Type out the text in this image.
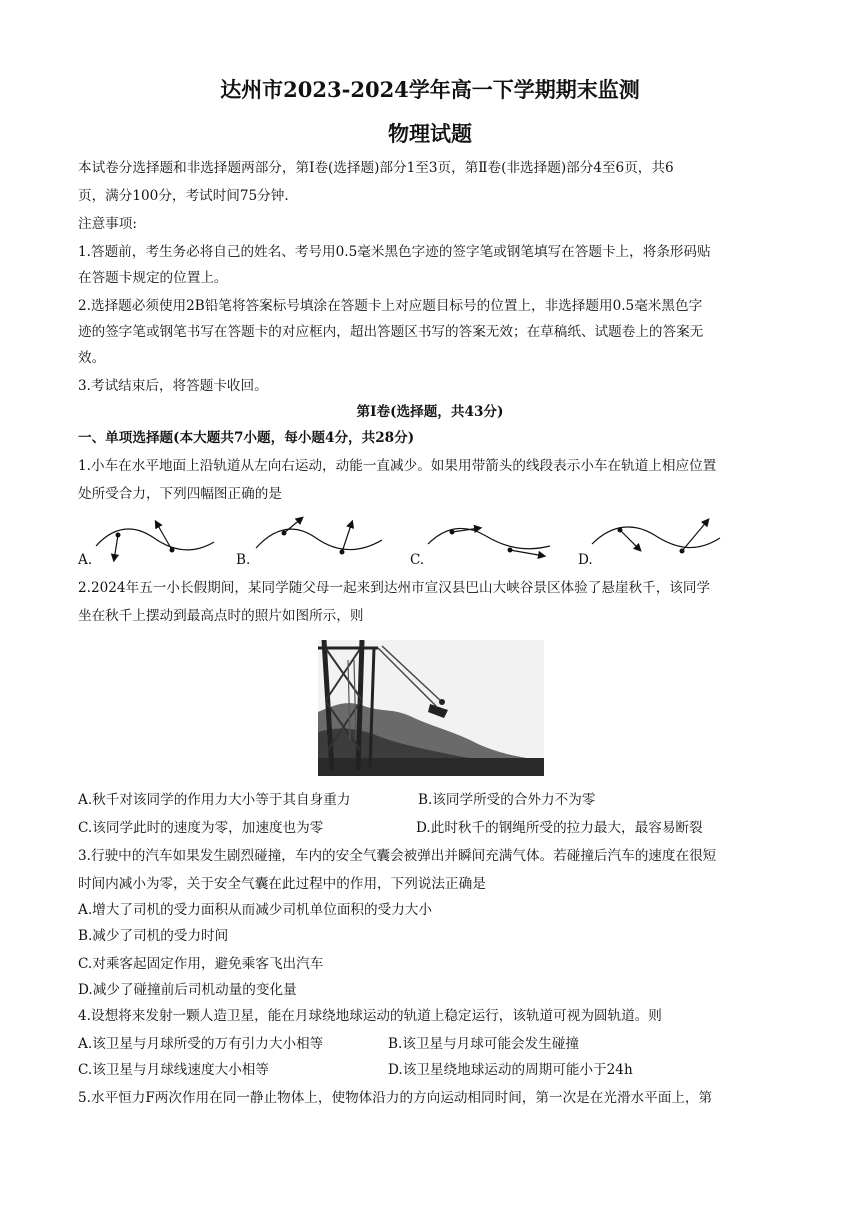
达州市2023-2024学年高一下学期期末监测
物理试题
本试卷分选择题和非选择题两部分，第Ⅰ卷(选择题)部分1至3页，第Ⅱ卷(非选择题)部分4至6页，共6
页，满分100分，考试时间75分钟.
注意事项:
1.答题前，考生务必将自己的姓名、考号用0.5毫米黑色字迹的签字笔或钢笔填写在答题卡上，将条形码贴
在答题卡规定的位置上。
2.选择题必须使用2B铅笔将答案标号填涂在答题卡上对应题目标号的位置上，非选择题用0.5毫米黑色字
迹的签字笔或钢笔书写在答题卡的对应框内，超出答题区书写的答案无效；在草稿纸、试题卷上的答案无
效。
3.考试结束后，将答题卡收回。
第Ⅰ卷(选择题，共43分)
一、单项选择题(本大题共7小题，每小题4分，共28分)
1.小车在水平地面上沿轨道从左向右运动，动能一直减少。如果用带箭头的线段表示小车在轨道上相应位置
处所受合力，下列四幅图正确的是
A.	B.	C.	D.
2.2024年五一小长假期间，某同学随父母一起来到达州市宣汉县巴山大峡谷景区体验了悬崖秋千，该同学
坐在秋千上摆动到最高点时的照片如图所示，则
A.秋千对该同学的作用力大小等于其自身重力	B.该同学所受的合外力不为零
C.该同学此时的速度为零，加速度也为零	D.此时秋千的钢绳所受的拉力最大，最容易断裂
3.行驶中的汽车如果发生剧烈碰撞，车内的安全气囊会被弹出并瞬间充满气体。若碰撞后汽车的速度在很短
时间内减小为零，关于安全气囊在此过程中的作用，下列说法正确是
A.增大了司机的受力面积从而减少司机单位面积的受力大小
B.减少了司机的受力时间
C.对乘客起固定作用，避免乘客飞出汽车
D.减少了碰撞前后司机动量的变化量
4.设想将来发射一颗人造卫星，能在月球绕地球运动的轨道上稳定运行，该轨道可视为圆轨道。则
A.该卫星与月球所受的万有引力大小相等	B.该卫星与月球可能会发生碰撞
C.该卫星与月球线速度大小相等	D.该卫星绕地球运动的周期可能小于24h
5.水平恒力F两次作用在同一静止物体上，使物体沿力的方向运动相同时间，第一次是在光滑水平面上，第
